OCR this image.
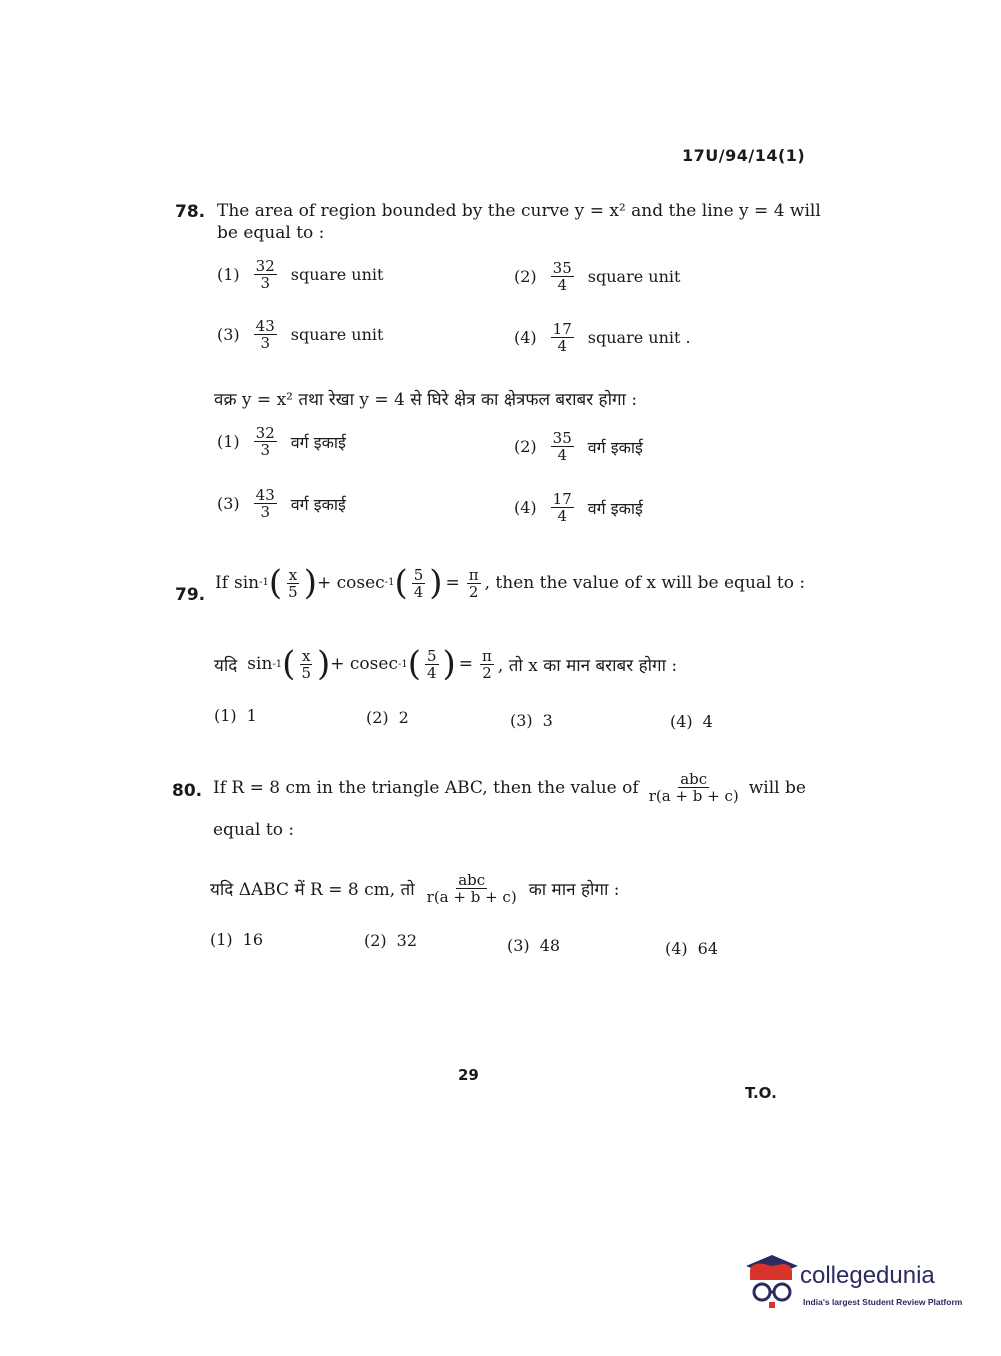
17U/94/14(1)
78. The area of region bounded by the curve y = x² and the line y = 4 will
be equal to :
$(1) \frac{32}{3}$ square unit	$(2) \frac{35}{4}$ square unit
$(3) \frac{43}{3}$ square unit	$(4) \frac{17}{4}$ square unit .
वक्र y = x² तथा रेखा y = 4 से घिरे क्षेत्र का क्षेत्रफल बराबर होगा :
$(1) \frac{32}{3}$ वर्ग इकाई	$(2) \frac{35}{4}$ वर्ग इकाई
$(3) \frac{43}{3}$ वर्ग इकाई	$(4) \frac{17}{4}$ वर्ग इकाई
79.
If sin -1 ( $\frac{x}{5}$ ) + cosec -1 ( $\frac{5}{4}$ ) = $\frac{\pi}{2}$ , then the value of x will be equal to :
यदि sin -1 ( $\frac{x}{5}$ ) + cosec -1 ( $\frac{5}{4}$ ) = $\frac{\pi}{2}$ , तो x का मान बराबर होगा :
(1) 1	(2) 2	(3) 3	(4) 4
80. If R = 8 cm in the triangle ABC, then the value of $\frac{\text{abc}}{r(a + b + c)}$ will be
equal to :
यदि ΔABC में R = 8 cm, तो $\frac{\text{abc}}{r(a + b + c)}$ का मान होगा :
(1) 16	(2) 32	(3) 48	(4) 64
29
T.O.
collegedunia
India's largest Student Review Platform
